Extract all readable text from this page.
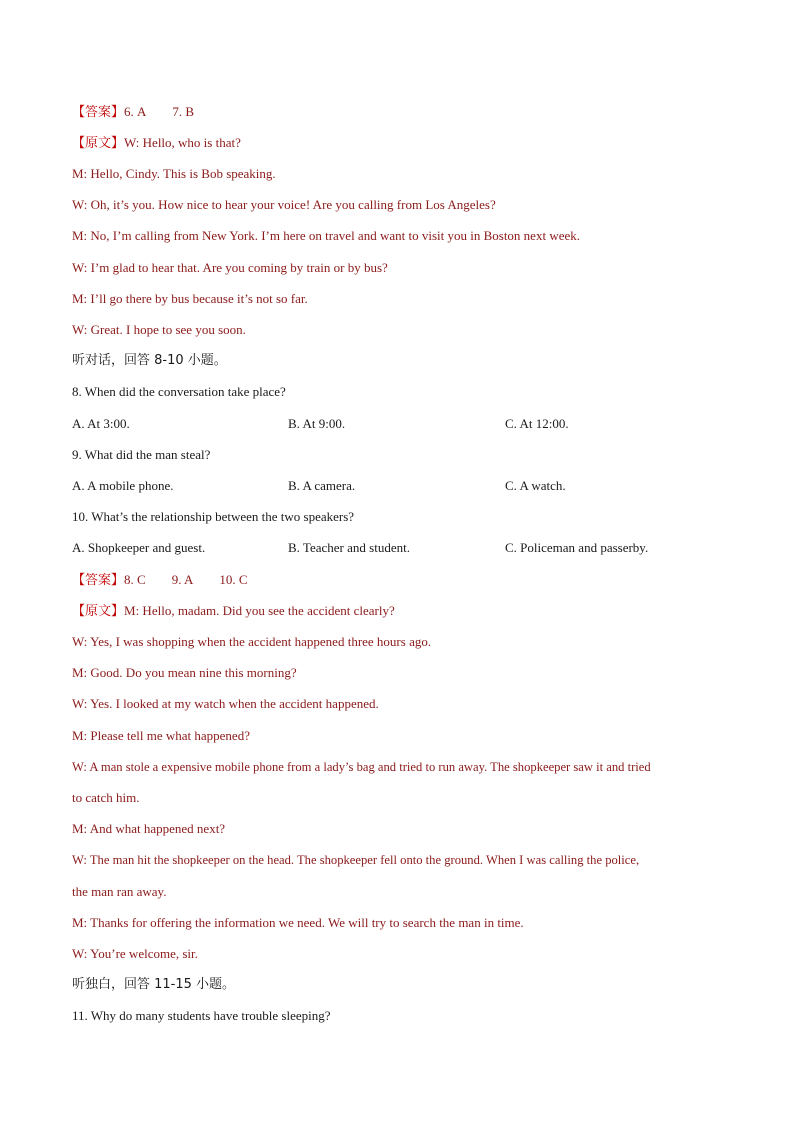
【答案】6. A 7. B
【原文】W: Hello, who is that?
M: Hello, Cindy. This is Bob speaking.
W: Oh, it’s you. How nice to hear your voice! Are you calling from Los Angeles?
M: No, I’m calling from New York. I’m here on travel and want to visit you in Boston next week.
W: I’m glad to hear that. Are you coming by train or by bus?
M: I’ll go there by bus because it’s not so far.
W: Great. I hope to see you soon.
听对话，回答 8-10 小题。
8. When did the conversation take place?
A. At 3:00.	B. At 9:00.	C. At 12:00.
9. What did the man steal?
A. A mobile phone.	B. A camera.	C. A watch.
10. What’s the relationship between the two speakers?
A. Shopkeeper and guest.	B. Teacher and student.	C. Policeman and passerby.
【答案】8. C 9. A 10. C
【原文】M: Hello, madam. Did you see the accident clearly?
W: Yes, I was shopping when the accident happened three hours ago.
M: Good. Do you mean nine this morning?
W: Yes. I looked at my watch when the accident happened.
M: Please tell me what happened?
W: A man stole a expensive mobile phone from a lady’s bag and tried to run away. The shopkeeper saw it and tried
to catch him.
M: And what happened next?
W: The man hit the shopkeeper on the head. The shopkeeper fell onto the ground. When I was calling the police,
the man ran away.
M: Thanks for offering the information we need. We will try to search the man in time.
W: You’re welcome, sir.
听独白，回答 11-15 小题。
11. Why do many students have trouble sleeping?
